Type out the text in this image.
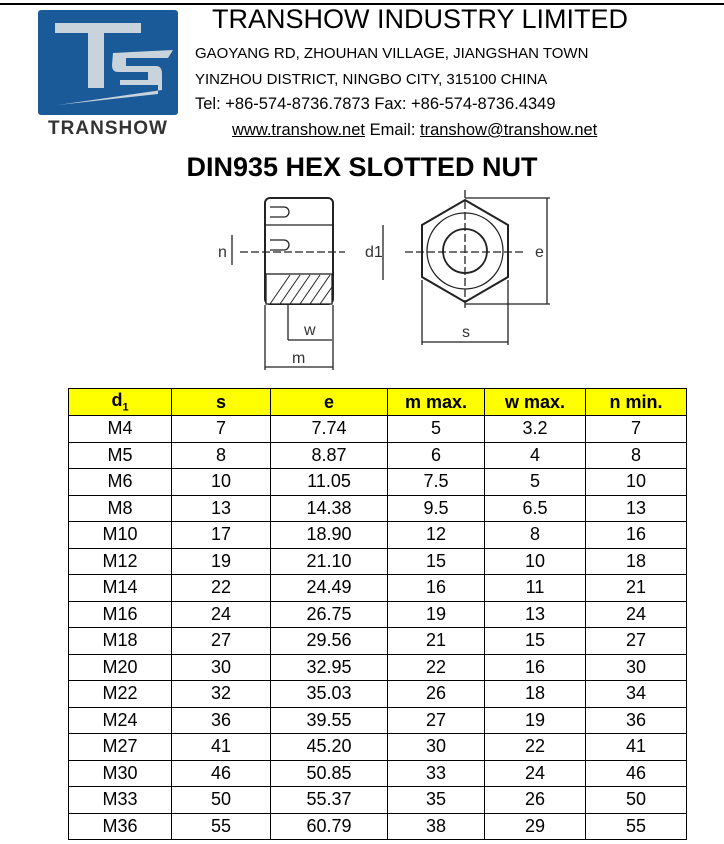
TRANSHOW
TRANSHOW INDUSTRY LIMITED
GAOYANG RD, ZHOUHAN VILLAGE, JIANGSHAN TOWN
YINZHOU DISTRICT, NINGBO CITY, 315100 CHINA
Tel: +86-574-8736.7873 Fax: +86-574-8736.4349
www.transhow.net Email: transhow@transhow.net
DIN935 HEX SLOTTED NUT
n	d1	e
w	s
m
$d_1$	s	e	m max.	w max.	n min.
M4	7	7.74	5	3.2	7
M5	8	8.87	6	4	8
M6	10	11.05	7.5	5	10
M8	13	14.38	9.5	6.5	13
M10	17	18.90	12	8	16
M12	19	21.10	15	10	18
M14	22	24.49	16	11	21
M16	24	26.75	19	13	24
M18	27	29.56	21	15	27
M20	30	32.95	22	16	30
M22	32	35.03	26	18	34
M24	36	39.55	27	19	36
M27	41	45.20	30	22	41
M30	46	50.85	33	24	46
M33	50	55.37	35	26	50
M36	55	60.79	38	29	55
